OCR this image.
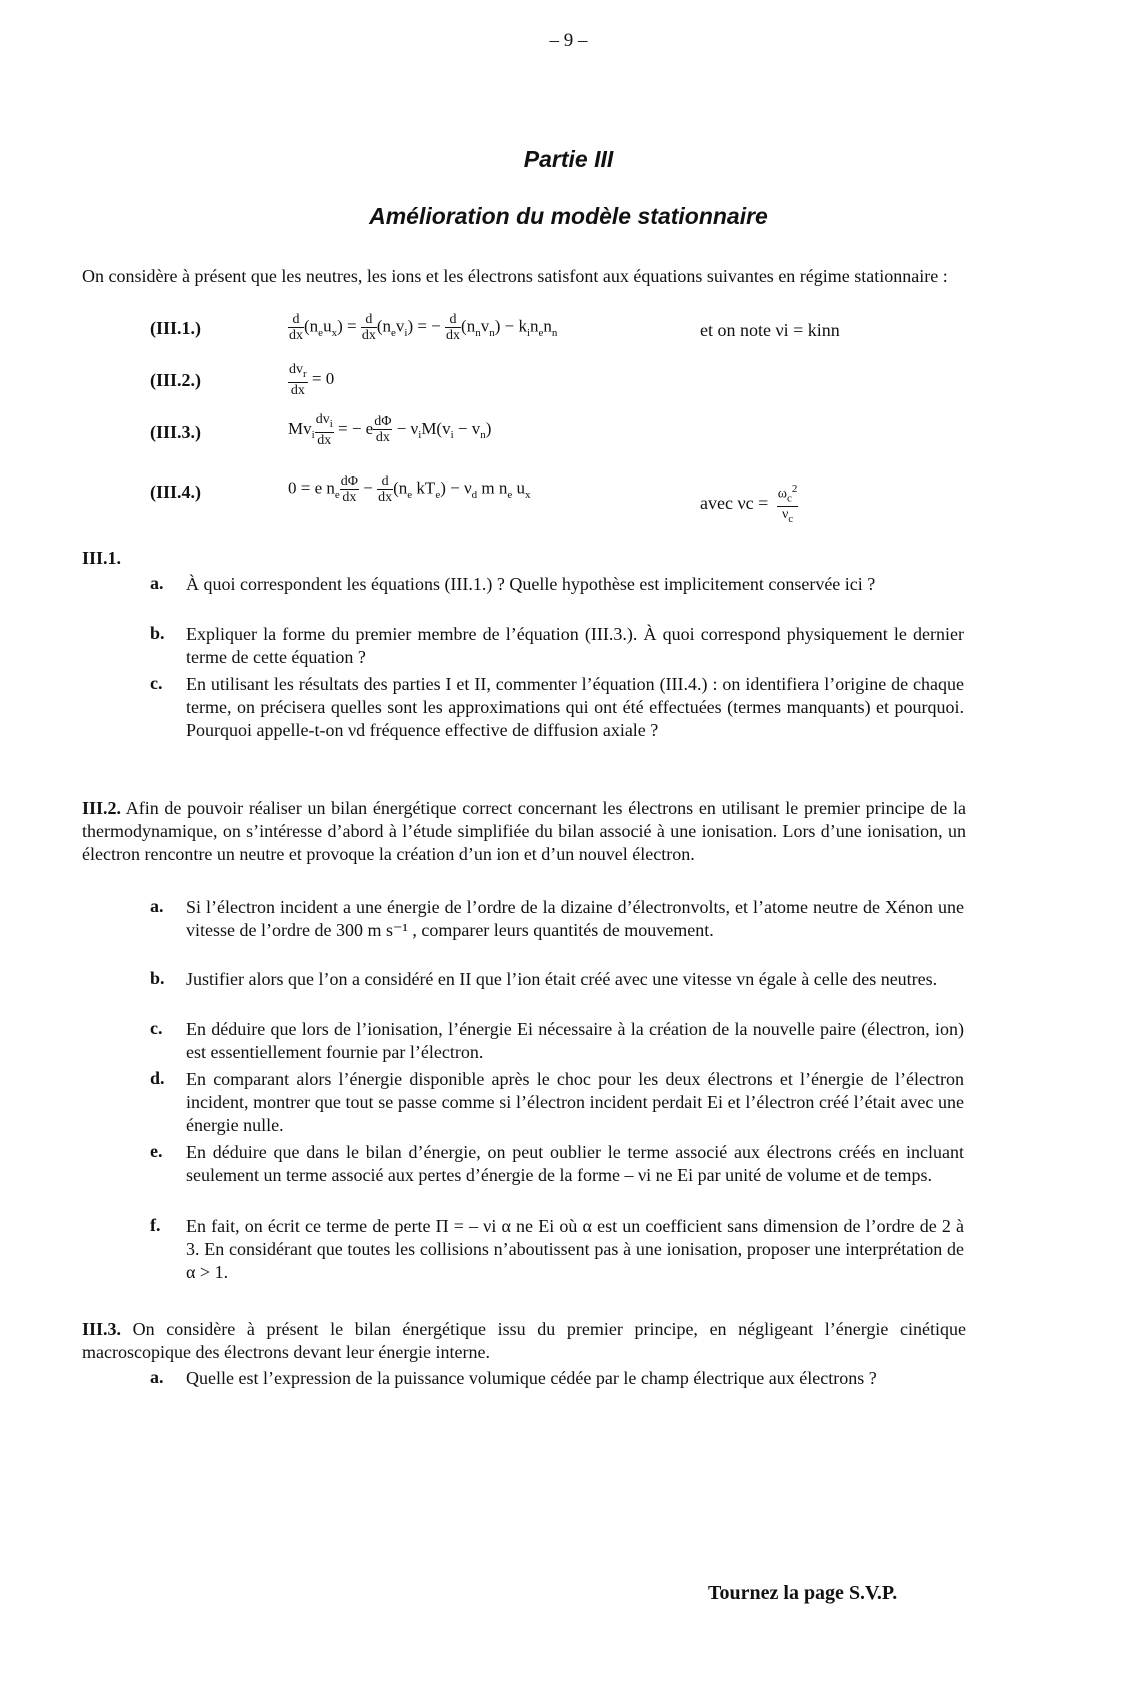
– 9 –
Partie III
Amélioration du modèle stationnaire
On considère à présent que les neutres, les ions et les électrons satisfont aux équations suivantes en régime stationnaire :
(III.1.)	$\frac{d}{dx} (n_eu_x) = \frac{d}{dx} (n_ev_i)$ = − $\frac{d}{dx} (n_nv_n) - k_in_en_n$	et on note νi = kinn
(III.2.)	$\frac{dv_r}{dx} = 0$
(III.3.)	$Mv_i \frac{dv_i}{dx}$ = − e $\frac{d\Phi}{dx} - \nu_iM(v_i - v_n)$
(III.4.)	0 = e $n_e \frac{d\Phi}{dx} - \frac{d}{dx} (n_e$ $kT_e) - \nu_d$ m $n_e$ $u_x$	avec $\nu c = \frac{\omega_c^2}{\nu_c}$
III.1.
a.	À quoi correspondent les équations (III.1.) ? Quelle hypothèse est implicitement conservée ici ?
b.	Expliquer la forme du premier membre de l’équation (III.3.). À quoi correspond physiquement le dernier terme de cette équation ?
c.	En utilisant les résultats des parties I et II, commenter l’équation (III.4.) : on identifiera l’origine de chaque terme, on précisera quelles sont les approximations qui ont été effectuées (termes manquants) et pourquoi. Pourquoi appelle-t-on νd fréquence effective de diffusion axiale ?
III.2. Afin de pouvoir réaliser un bilan énergétique correct concernant les électrons en utilisant le premier principe de la thermodynamique, on s’intéresse d’abord à l’étude simplifiée du bilan associé à une ionisation. Lors d’une ionisation, un électron rencontre un neutre et provoque la création d’un ion et d’un nouvel électron.
a.	Si l’électron incident a une énergie de l’ordre de la dizaine d’électronvolts, et l’atome neutre de Xénon une vitesse de l’ordre de 300 m s⁻¹ , comparer leurs quantités de mouvement.
b.	Justifier alors que l’on a considéré en II que l’ion était créé avec une vitesse vn égale à celle des neutres.
c.	En déduire que lors de l’ionisation, l’énergie Ei nécessaire à la création de la nouvelle paire (électron, ion) est essentiellement fournie par l’électron.
d.	En comparant alors l’énergie disponible après le choc pour les deux électrons et l’énergie de l’électron incident, montrer que tout se passe comme si l’électron incident perdait Ei et l’électron créé l’était avec une énergie nulle.
e.	En déduire que dans le bilan d’énergie, on peut oublier le terme associé aux électrons créés en incluant seulement un terme associé aux pertes d’énergie de la forme – νi ne Ei par unité de volume et de temps.
f.	En fait, on écrit ce terme de perte Π = – νi α ne Ei où α est un coefficient sans dimension de l’ordre de 2 à 3. En considérant que toutes les collisions n’aboutissent pas à une ionisation, proposer une interprétation de α > 1.
III.3. On considère à présent le bilan énergétique issu du premier principe, en négligeant l’énergie cinétique macroscopique des électrons devant leur énergie interne.
a.	Quelle est l’expression de la puissance volumique cédée par le champ électrique aux électrons ?
Tournez la page S.V.P.
